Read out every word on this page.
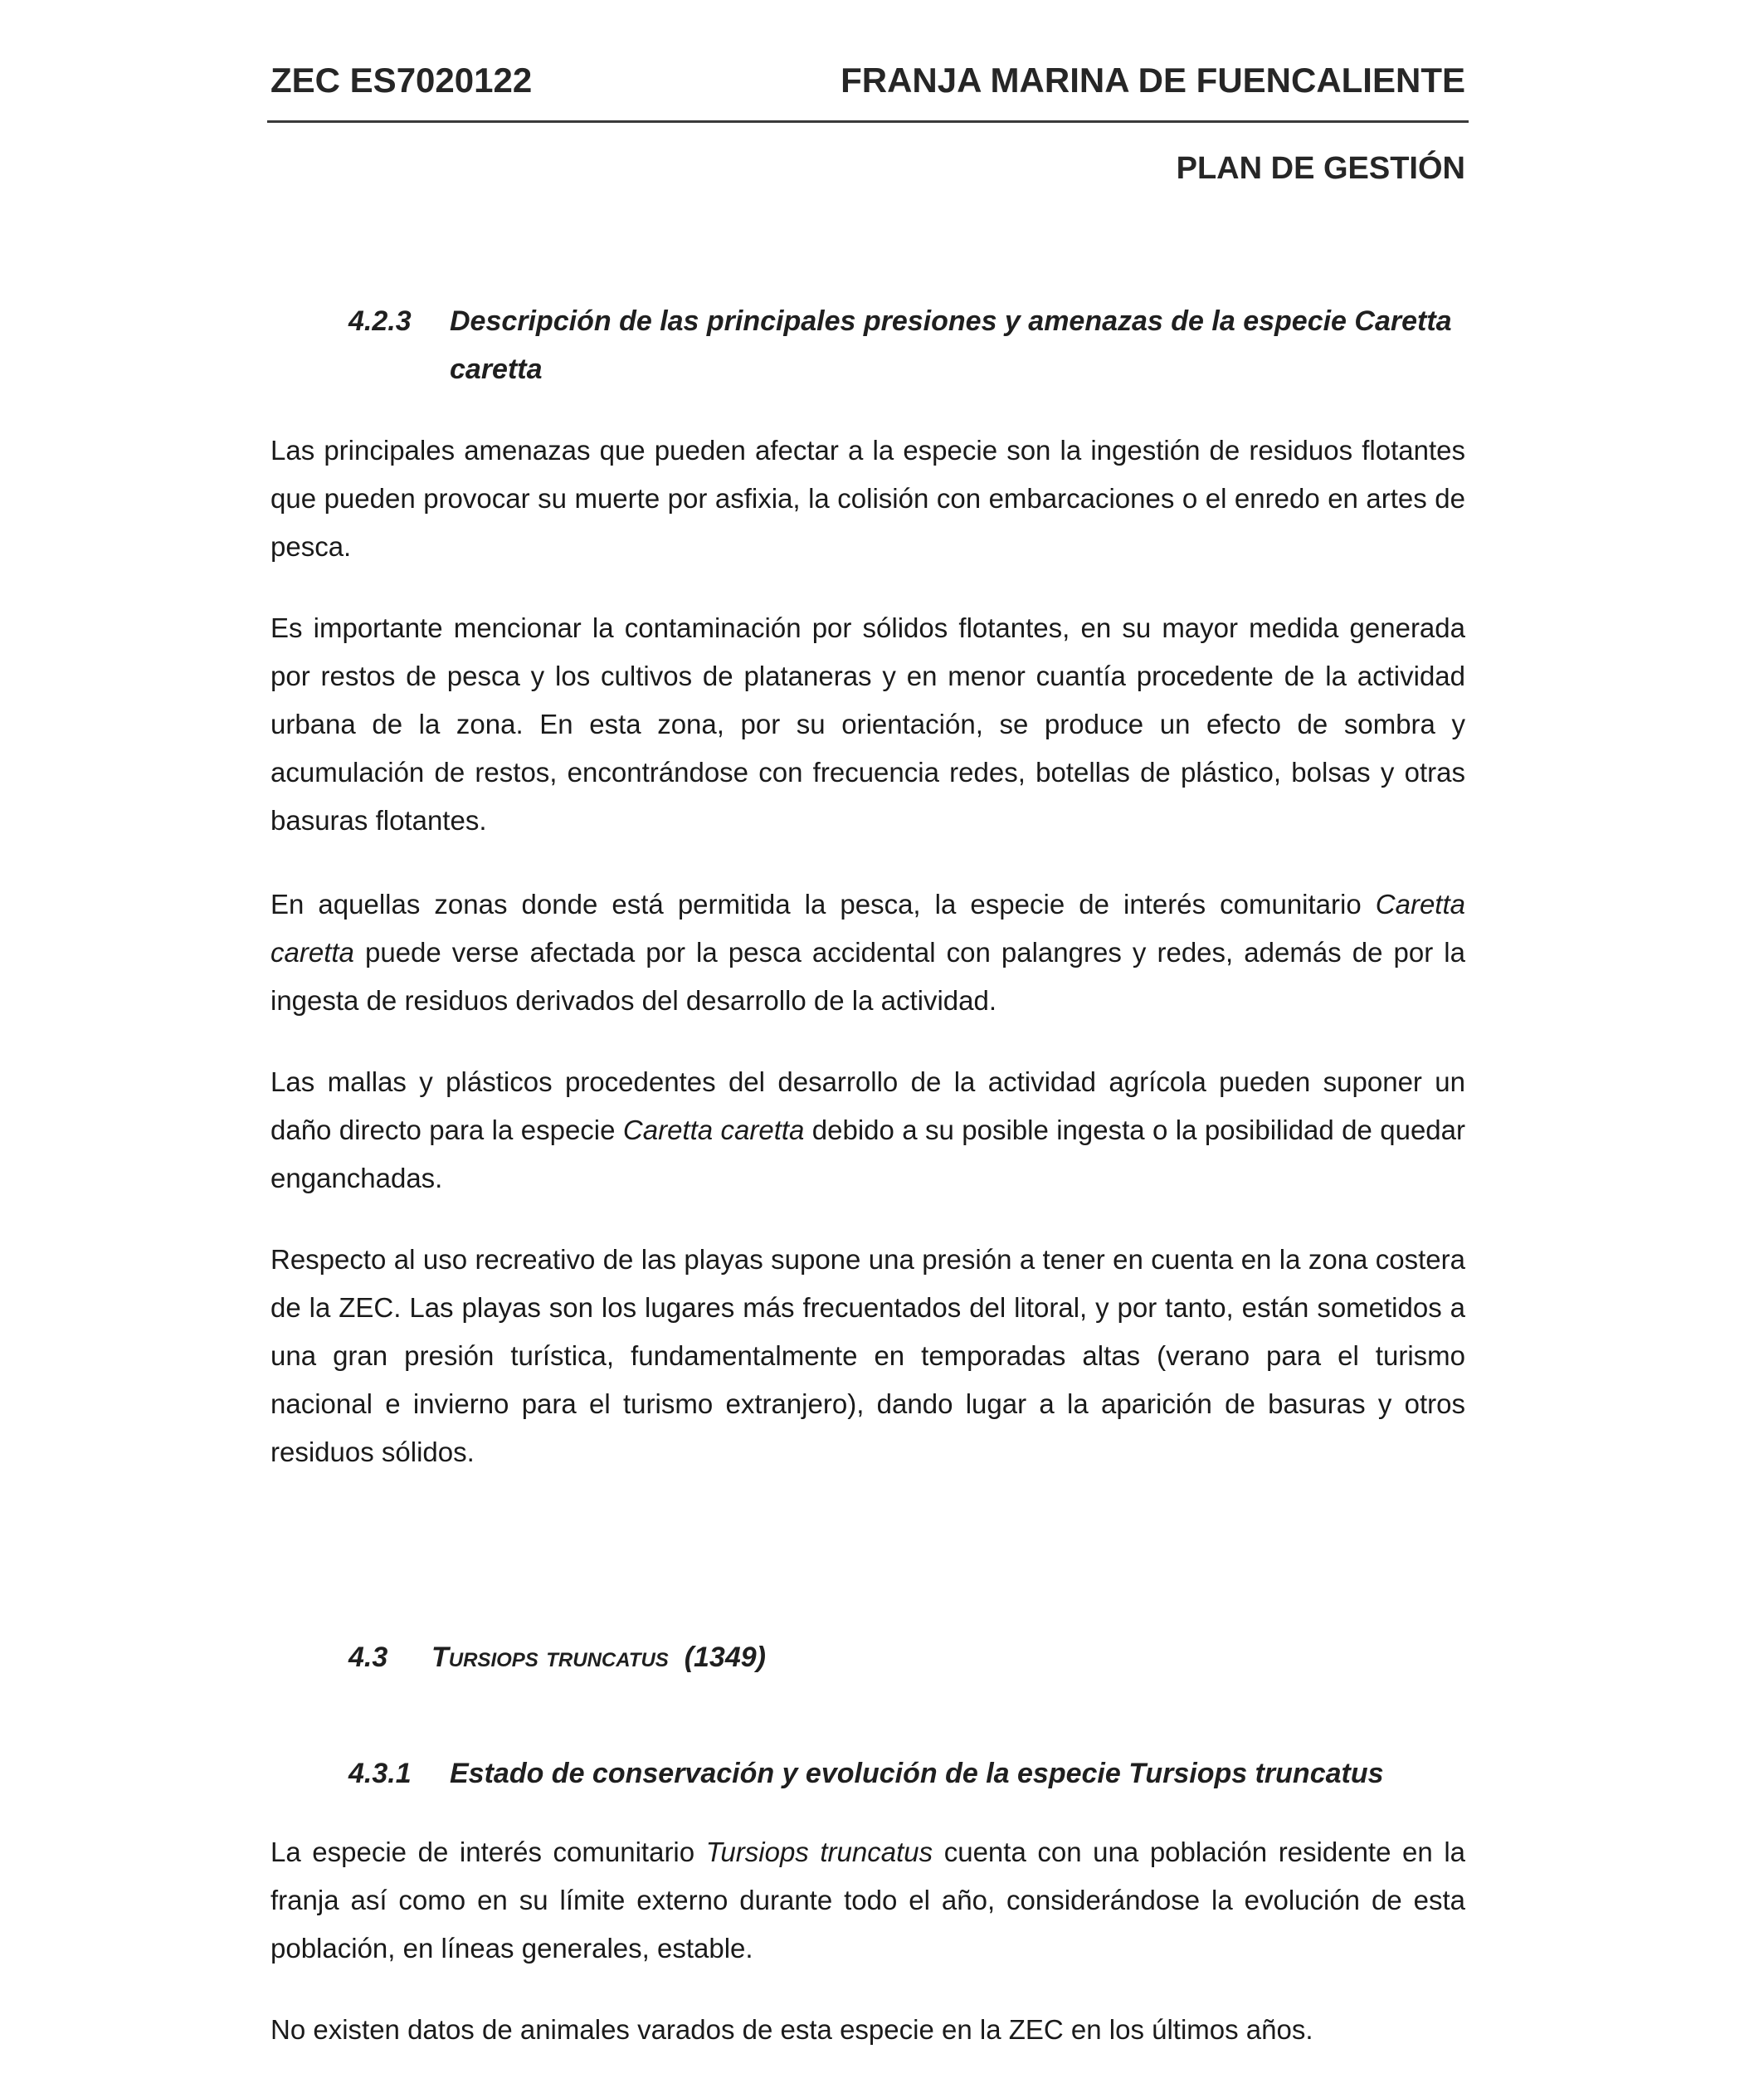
ZEC ES7020122	FRANJA MARINA DE FUENCALIENTE
PLAN DE GESTIÓN
4.2.3	Descripción de las principales presiones y amenazas de la especie Caretta caretta

Las principales amenazas que pueden afectar a la especie son la ingestión de residuos flotantes que pueden provocar su muerte por asfixia, la colisión con embarcaciones o el enredo en artes de pesca.

Es importante mencionar la contaminación por sólidos flotantes, en su mayor medida generada por restos de pesca y los cultivos de plataneras y en menor cuantía procedente de la actividad urbana de la zona. En esta zona, por su orientación, se produce un efecto de sombra y acumulación de restos, encontrándose con frecuencia redes, botellas de plástico, bolsas y otras basuras flotantes.

En aquellas zonas donde está permitida la pesca, la especie de interés comunitario Caretta caretta puede verse afectada por la pesca accidental con palangres y redes, además de por la ingesta de residuos derivados del desarrollo de la actividad.

Las mallas y plásticos procedentes del desarrollo de la actividad agrícola pueden suponer un daño directo para la especie Caretta caretta debido a su posible ingesta o la posibilidad de quedar enganchadas.

Respecto al uso recreativo de las playas supone una presión a tener en cuenta en la zona costera de la ZEC. Las playas son los lugares más frecuentados del litoral, y por tanto, están sometidos a una gran presión turística, fundamentalmente en temporadas altas (verano para el turismo nacional e invierno para el turismo extranjero), dando lugar a la aparición de basuras y otros residuos sólidos.

4.3	Tursiops truncatus (1349)
4.3.1	Estado de conservación y evolución de la especie Tursiops truncatus

La especie de interés comunitario Tursiops truncatus cuenta con una población residente en la franja así como en su límite externo durante todo el año, considerándose la evolución de esta población, en líneas generales, estable.

No existen datos de animales varados de esta especie en la ZEC en los últimos años.
